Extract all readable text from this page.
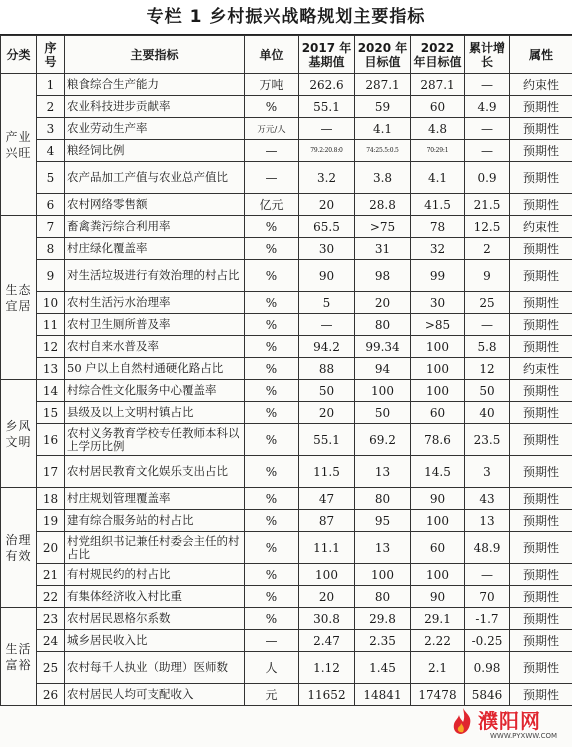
专栏 1 乡村振兴战略规划主要指标
分类	序号	主要指标	单位	2017 年基期值	2020 年目标值	2022 年目标值	累计增长	属性
产业兴旺	1	粮食综合生产能力	万吨	262.6	287.1	287.1	—	约束性
	2	农业科技进步贡献率	%	55.1	59	60	4.9	预期性
	3	农业劳动生产率	万元/人	—	4.1	4.8	—	预期性
	4	粮经饲比例	—	79.2:20.8:0	74:25.5:0.5	70:29:1	—	预期性
	5	农产品加工产值与农业总产值比	—	3.2	3.8	4.1	0.9	预期性
	6	农村网络零售额	亿元	20	28.8	41.5	21.5	预期性
生态宜居	7	畜禽粪污综合利用率	%	65.5	>75	78	12.5	约束性
	8	村庄绿化覆盖率	%	30	31	32	2	预期性
	9	对生活垃圾进行有效治理的村占比	%	90	98	99	9	预期性
	10	农村生活污水治理率	%	5	20	30	25	预期性
	11	农村卫生厕所普及率	%	—	80	>85	—	预期性
	12	农村自来水普及率	%	94.2	99.34	100	5.8	预期性
	13	50 户以上自然村通硬化路占比	%	88	94	100	12	约束性
乡风文明	14	村综合性文化服务中心覆盖率	%	50	100	100	50	预期性
	15	县级及以上文明村镇占比	%	20	50	60	40	预期性
	16	农村义务教育学校专任教师本科以上学历比例	%	55.1	69.2	78.6	23.5	预期性
	17	农村居民教育文化娱乐支出占比	%	11.5	13	14.5	3	预期性
治理有效	18	村庄规划管理覆盖率	%	47	80	90	43	预期性
	19	建有综合服务站的村占比	%	87	95	100	13	预期性
	20	村党组织书记兼任村委会主任的村占比	%	11.1	13	60	48.9	预期性
	21	有村规民约的村占比	%	100	100	100	—	预期性
	22	有集体经济收入村比重	%	20	80	90	70	预期性
生活富裕	23	农村居民恩格尔系数	%	30.8	29.8	29.1	-1.7	预期性
	24	城乡居民收入比	—	2.47	2.35	2.22	-0.25	预期性
	25	农村每千人执业（助理）医师数	人	1.12	1.45	2.1	0.98	预期性
	26	农村居民人均可支配收入	元	11652	14841	17478	5846	预期性
濮阳网
WWW.PYXWW.COM
